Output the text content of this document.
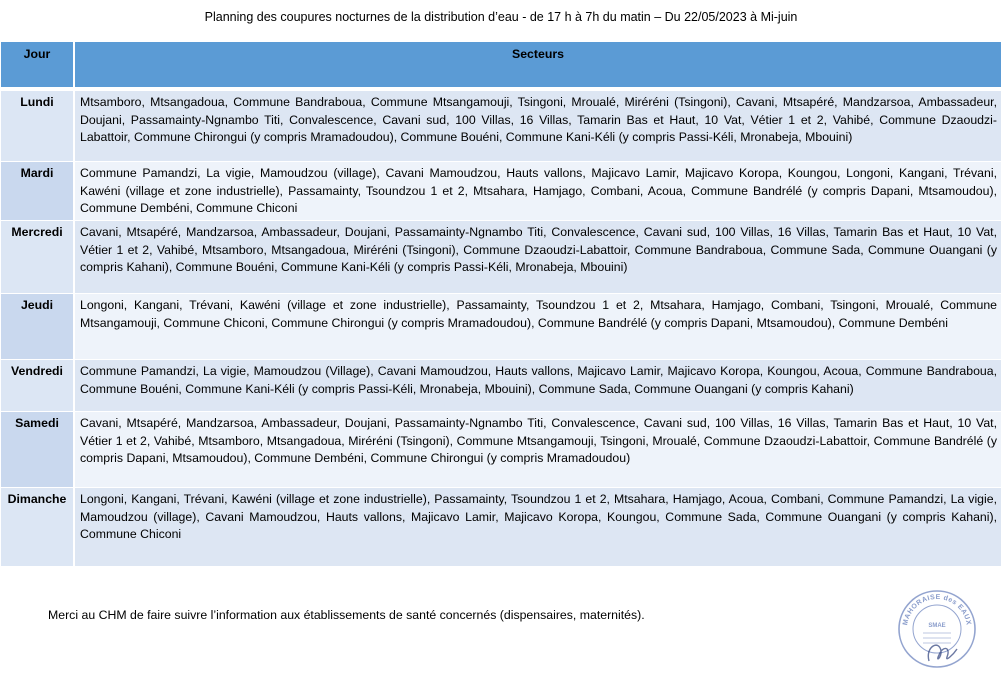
Planning des coupures nocturnes de la distribution d’eau - de 17 h à 7h du matin – Du 22/05/2023 à Mi-juin
Jour	Secteurs

Lundi	Mtsamboro, Mtsangadoua, Commune Bandraboua, Commune Mtsangamouji, Tsingoni, Mroualé, Miréréni (Tsingoni), Cavani, Mtsapéré, Mandzarsoa, Ambassadeur, Doujani, Passamainty-Ngnambo Titi, Convalescence, Cavani sud, 100 Villas, 16 Villas, Tamarin Bas et Haut, 10 Vat, Vétier 1 et 2, Vahibé, Commune Dzaoudzi-Labattoir, Commune Chirongui (y compris Mramadoudou), Commune Bouéni, Commune Kani-Kéli (y compris Passi-Kéli, Mronabeja, Mbouini)
Mardi	Commune Pamandzi, La vigie, Mamoudzou (village), Cavani Mamoudzou, Hauts vallons, Majicavo Lamir, Majicavo Koropa, Koungou, Longoni, Kangani, Trévani, Kawéni (village et zone industrielle), Passamainty, Tsoundzou 1 et 2, Mtsahara, Hamjago, Combani, Acoua, Commune Bandrélé (y compris Dapani, Mtsamoudou), Commune Dembéni, Commune Chiconi
Mercredi	Cavani, Mtsapéré, Mandzarsoa, Ambassadeur, Doujani, Passamainty-Ngnambo Titi, Convalescence, Cavani sud, 100 Villas, 16 Villas, Tamarin Bas et Haut, 10 Vat, Vétier 1 et 2, Vahibé, Mtsamboro, Mtsangadoua, Miréréni (Tsingoni), Commune Dzaoudzi-Labattoir, Commune Bandraboua, Commune Sada, Commune Ouangani (y compris Kahani), Commune Bouéni, Commune Kani-Kéli (y compris Passi-Kéli, Mronabeja, Mbouini)
Jeudi	Longoni, Kangani, Trévani, Kawéni (village et zone industrielle), Passamainty, Tsoundzou 1 et 2, Mtsahara, Hamjago, Combani, Tsingoni, Mroualé, Commune Mtsangamouji, Commune Chiconi, Commune Chirongui (y compris Mramadoudou), Commune Bandrélé (y compris Dapani, Mtsamoudou), Commune Dembéni
Vendredi	Commune Pamandzi, La vigie, Mamoudzou (Village), Cavani Mamoudzou, Hauts vallons, Majicavo Lamir, Majicavo Koropa, Koungou, Acoua, Commune Bandraboua, Commune Bouéni, Commune Kani-Kéli (y compris Passi-Kéli, Mronabeja, Mbouini), Commune Sada, Commune Ouangani (y compris Kahani)
Samedi	Cavani, Mtsapéré, Mandzarsoa, Ambassadeur, Doujani, Passamainty-Ngnambo Titi, Convalescence, Cavani sud, 100 Villas, 16 Villas, Tamarin Bas et Haut, 10 Vat, Vétier 1 et 2, Vahibé, Mtsamboro, Mtsangadoua, Miréréni (Tsingoni), Commune Mtsangamouji, Tsingoni, Mroualé, Commune Dzaoudzi-Labattoir, Commune Bandrélé (y compris Dapani, Mtsamoudou), Commune Dembéni, Commune Chirongui (y compris Mramadoudou)
Dimanche	Longoni, Kangani, Trévani, Kawéni (village et zone industrielle), Passamainty, Tsoundzou 1 et 2, Mtsahara, Hamjago, Acoua, Combani, Commune Pamandzi, La vigie, Mamoudzou (village), Cavani Mamoudzou, Hauts vallons, Majicavo Lamir, Majicavo Koropa, Koungou, Commune Sada, Commune Ouangani (y compris Kahani), Commune Chiconi
Merci au CHM de faire suivre l’information aux établissements de santé concernés (dispensaires, maternités).
MAHORAISE des EAUX
SMAE
